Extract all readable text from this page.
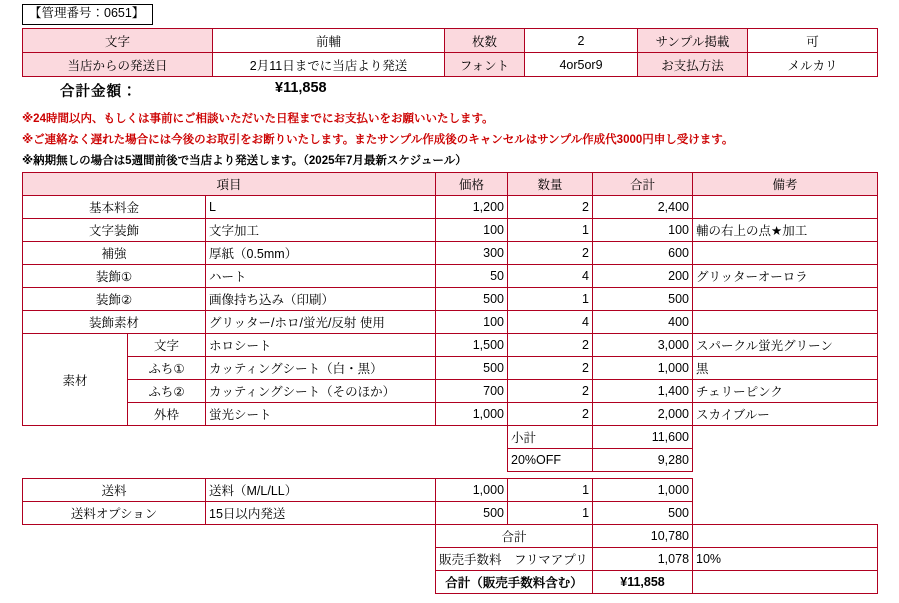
【管理番号：0651】
文字	前輔	枚数	2	サンプル掲載	可
当店からの発送日	2月11日までに当店より発送	フォント	4or5or9	お支払方法	メルカリ
合計金額：	¥11,858
※24時間以内、もしくは事前にご相談いただいた日程までにお支払いをお願いいたします。
※ご連絡なく遅れた場合には今後のお取引をお断りいたします。またサンプル作成後のキャンセルはサンプル作成代3000円申し受けます。
※納期無しの場合は5週間前後で当店より発送します。（2025年7月最新スケジュール）
項目			価格	数量	合計	備考
基本料金		L	1,200	2	2,400	
文字装飾		文字加工	100	1	100	輔の右上の点★加工
補強		厚紙（0.5mm）	300	2	600	
装飾①		ハート	50	4	200	グリッターオーロラ
装飾②		画像持ち込み（印刷）	500	1	500	
装飾素材		グリッター/ホロ/蛍光/反射 使用	100	4	400	
素材	文字	ホロシート	1,500	2	3,000	スパークル蛍光グリーン
	ふち①	カッティングシート（白・黒）	500	2	1,000	黒
	ふち②	カッティングシート（そのほか）	700	2	1,400	チェリーピンク
	外枠	蛍光シート	1,000	2	2,000	スカイブルー
				小計	11,600	
				20%OFF	9,280	
送料		送料（M/L/LL）	1,000	1	1,000	
送料オプション		15日以内発送	500	1	500	
			合計		10,780	
			販売手数料　フリマアプリ		1,078	10%
			合計（販売手数料含む）		¥11,858	
